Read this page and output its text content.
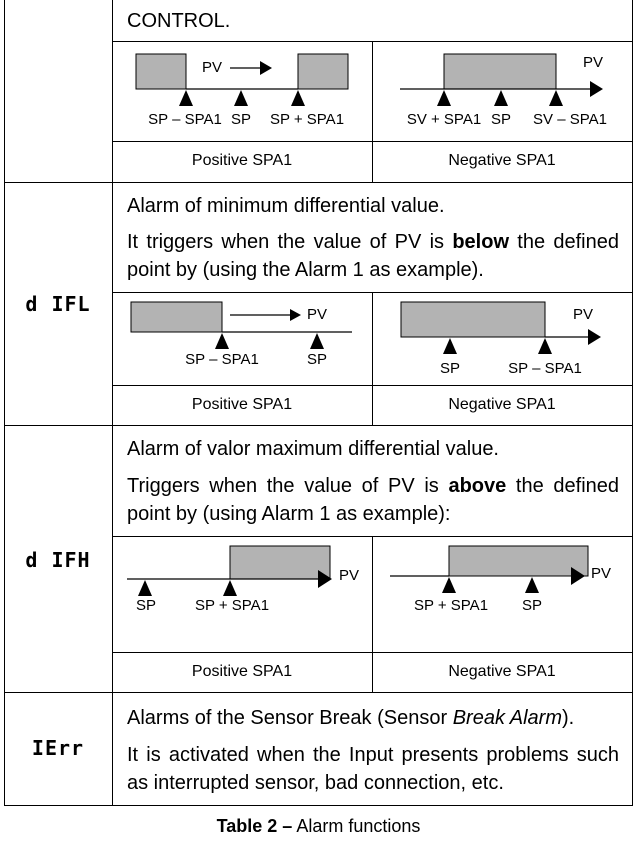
CONTROL.
PV
SP – SPA1 SP	SP + SPA1
PV
SV + SPA1 SP	SV – SPA1
Positive SPA1	Negative SPA1
d IFL
Alarm of minimum differential value.
It triggers when the value of PV is below the defined point by (using the Alarm 1 as example).
PV
SP – SPA1	SP
PV
SP	SP – SPA1
Positive SPA1	Negative SPA1
d IFH
Alarm of valor maximum differential value.
Triggers when the value of PV is above the defined point by (using Alarm 1 as example):
PV
SP	SP + SPA1
PV
SP + SPA1	SP
Positive SPA1	Negative SPA1
IErr
Alarms of the Sensor Break (Sensor Break Alarm).
It is activated when the Input presents problems such as interrupted sensor, bad connection, etc.
Table 2 – Alarm functions
